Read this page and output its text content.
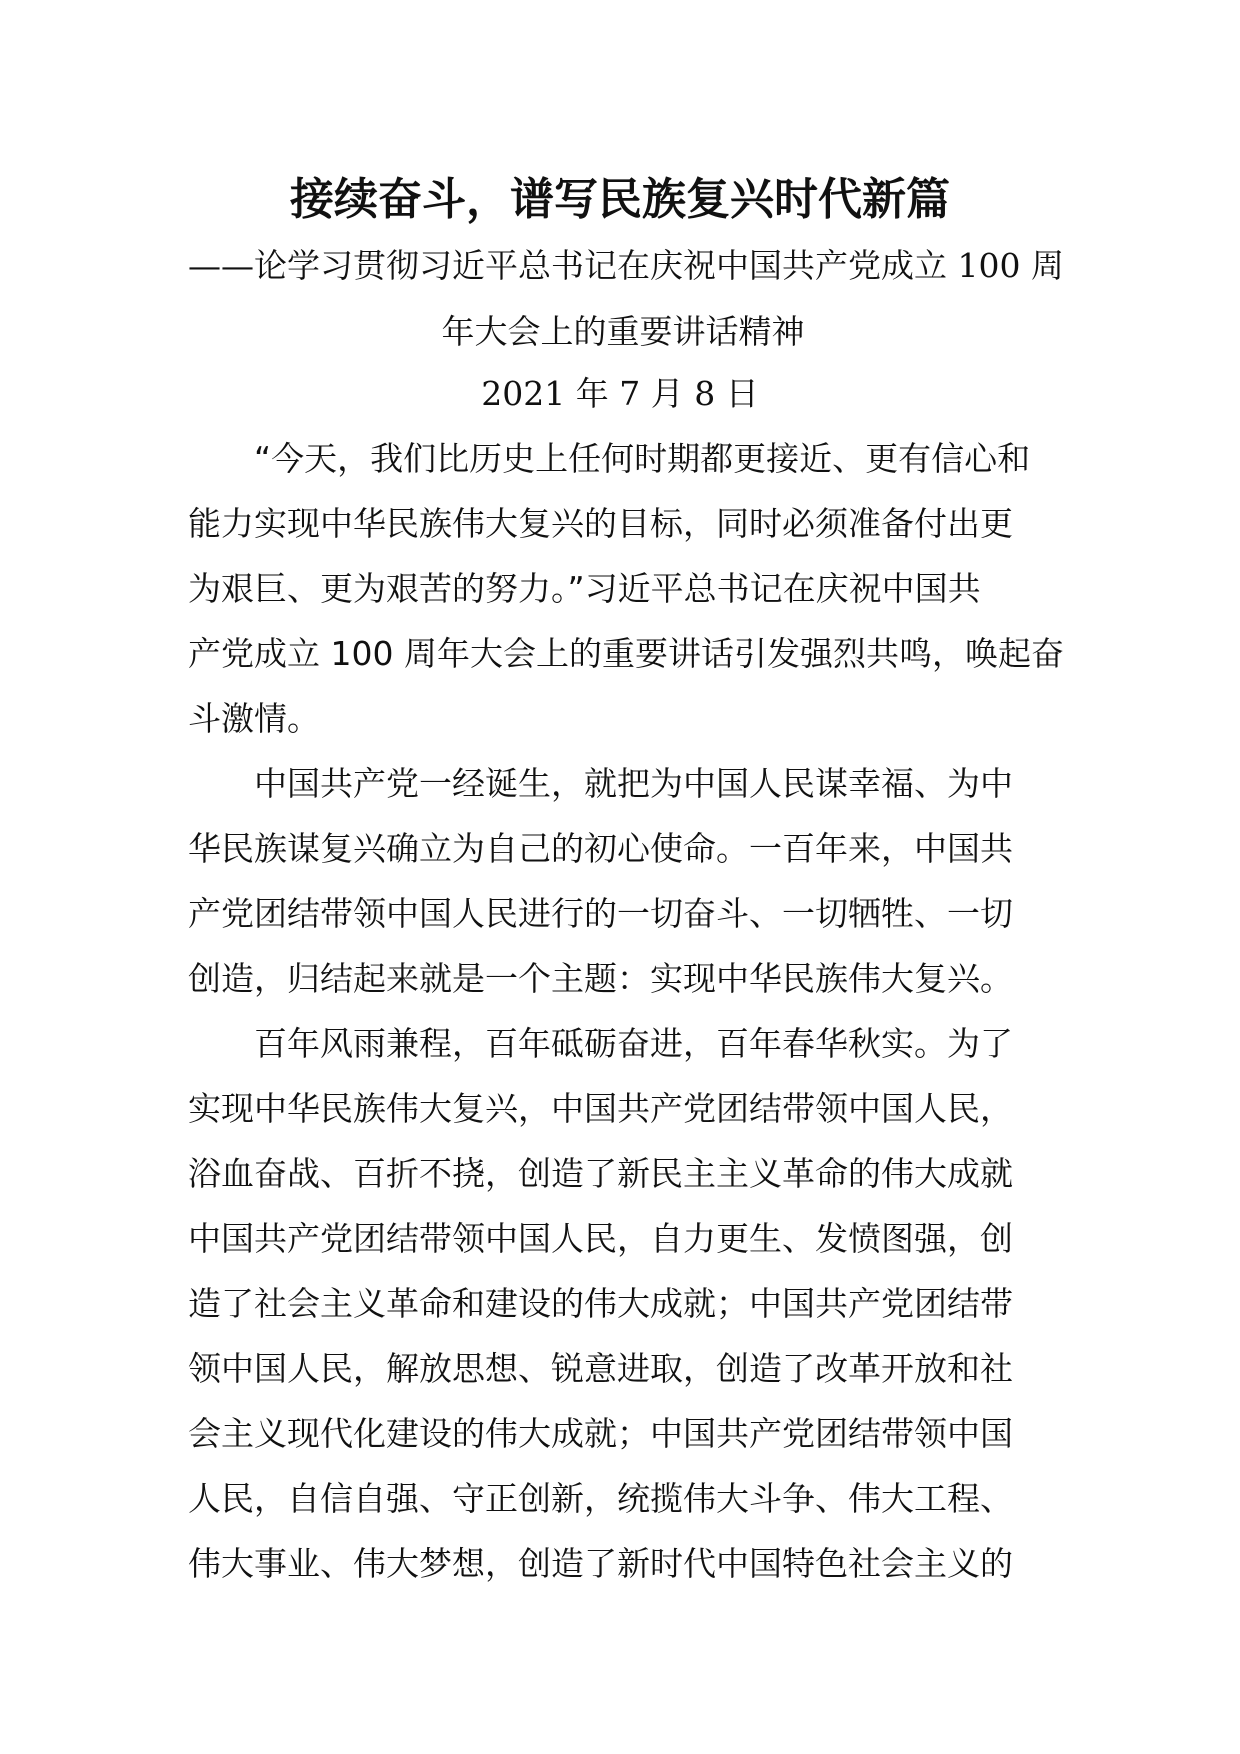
接续奋斗，谱写民族复兴时代新篇

——论学习贯彻习近平总书记在庆祝中国共产党成立 100 周

年大会上的重要讲话精神

2021 年 7 月 8 日

　　“今天，我们比历史上任何时期都更接近、更有信心和
能力实现中华民族伟大复兴的目标，同时必须准备付出更
为艰巨、更为艰苦的努力。”习近平总书记在庆祝中国共
产党成立 100 周年大会上的重要讲话引发强烈共鸣，唤起奋
斗激情。

　　中国共产党一经诞生，就把为中国人民谋幸福、为中
华民族谋复兴确立为自己的初心使命。一百年来，中国共
产党团结带领中国人民进行的一切奋斗、一切牺牲、一切
创造，归结起来就是一个主题：实现中华民族伟大复兴。

　　百年风雨兼程，百年砥砺奋进，百年春华秋实。为了
实现中华民族伟大复兴，中国共产党团结带领中国人民，
浴血奋战、百折不挠，创造了新民主主义革命的伟大成就
中国共产党团结带领中国人民，自力更生、发愤图强，创
造了社会主义革命和建设的伟大成就；中国共产党团结带
领中国人民，解放思想、锐意进取，创造了改革开放和社
会主义现代化建设的伟大成就；中国共产党团结带领中国
人民，自信自强、守正创新，统揽伟大斗争、伟大工程、
伟大事业、伟大梦想，创造了新时代中国特色社会主义的
